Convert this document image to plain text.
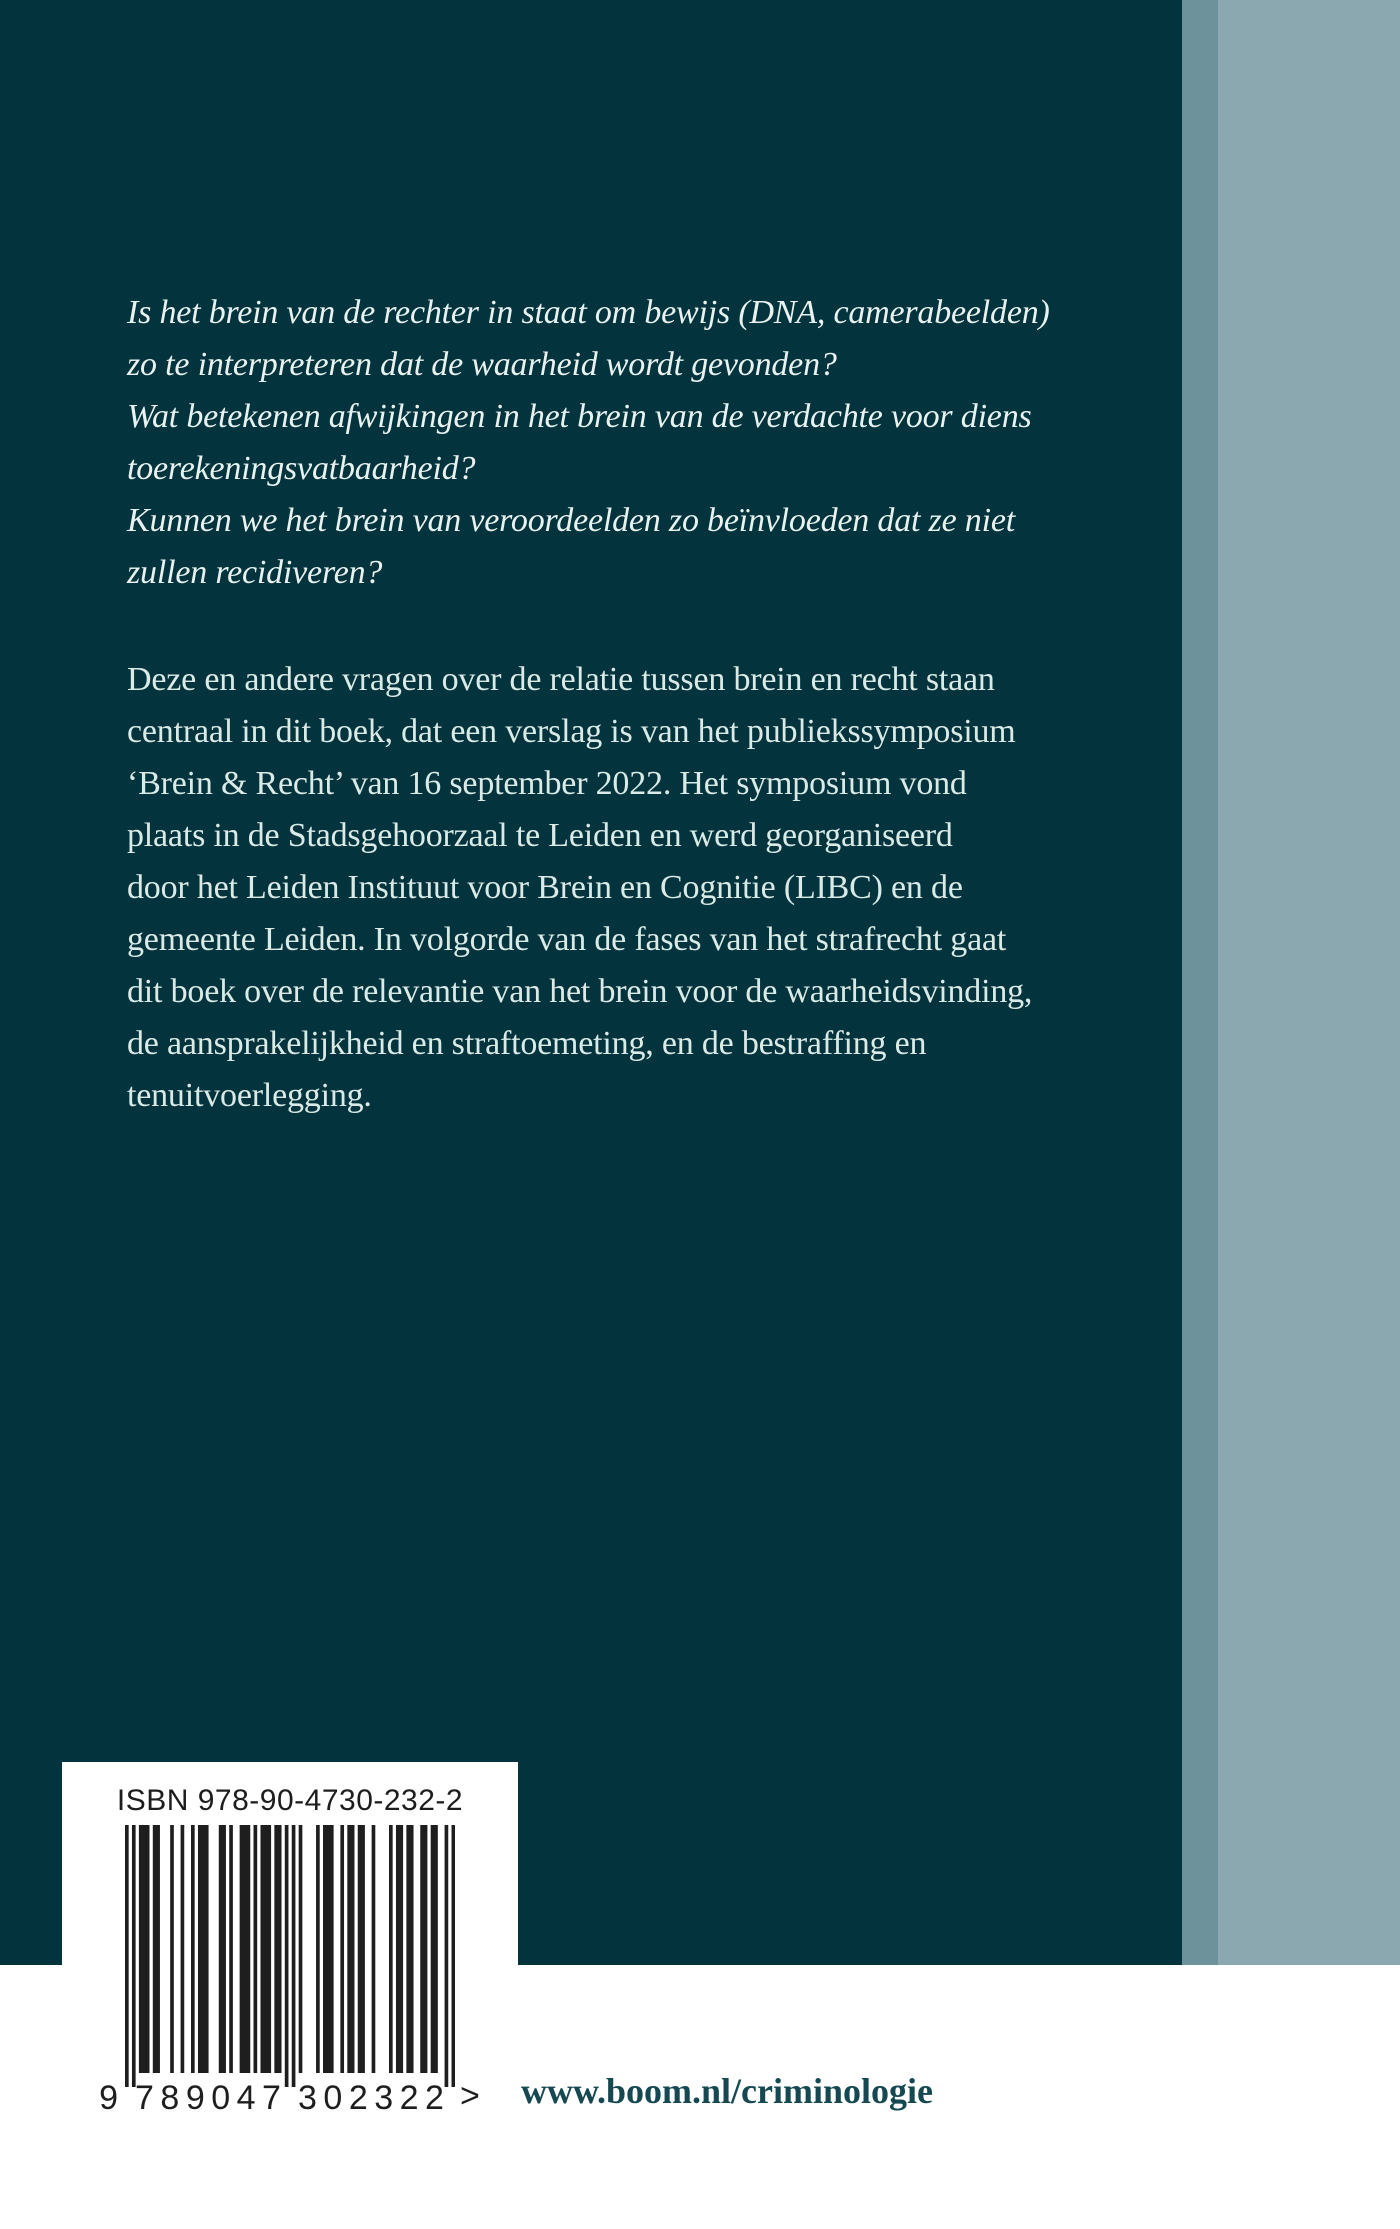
Is het brein van de rechter in staat om bewijs (DNA, camerabeelden)
zo te interpreteren dat de waarheid wordt gevonden?
Wat betekenen afwijkingen in het brein van de verdachte voor diens
toerekeningsvatbaarheid?
Kunnen we het brein van veroordeelden zo beïnvloeden dat ze niet
zullen recidiveren?
Deze en andere vragen over de relatie tussen brein en recht staan
centraal in dit boek, dat een verslag is van het publiekssymposium
‘Brein & Recht’ van 16 september 2022. Het symposium vond
plaats in de Stadsgehoorzaal te Leiden en werd georganiseerd
door het Leiden Instituut voor Brein en Cognitie (LIBC) en de
gemeente Leiden. In volgorde van de fases van het strafrecht gaat
dit boek over de relevantie van het brein voor de waarheidsvinding,
de aansprakelijkheid en straftoemeting, en de bestraffing en
tenuitvoerlegging.
ISBN 978-90-4730-232-2
9 789047 302322 > www.boom.nl/criminologie
